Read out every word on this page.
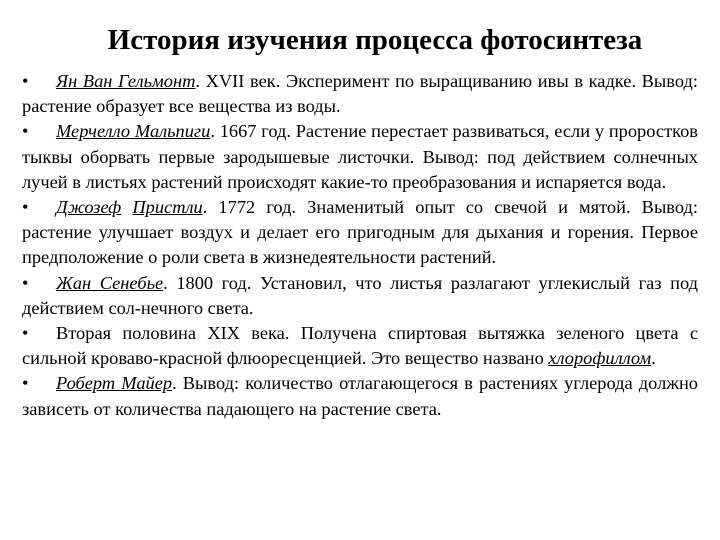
История изучения процесса фотосинтеза

• Ян Ван Гельмонт. XVII век. Эксперимент по выращиванию ивы в кадке. Вывод: растение образует все вещества из воды.

• Мерчелло Мальпиги. 1667 год. Растение перестает развиваться, если у проростков тыквы оборвать первые зародышевые листочки. Вывод: под действием солнечных лучей в листьях растений происходят какие-то преобразования и испаряется вода.

• Джозеф Пристли. 1772 год. Знаменитый опыт со свечой и мятой. Вывод: растение улучшает воздух и делает его пригодным для дыхания и горения. Первое предположение о роли света в жизнедеятельности растений.

• Жан Сенебье. 1800 год. Установил, что листья разлагают углекислый газ под действием сол-нечного света.

• Вторая половина XIX века. Получена спиртовая вытяжка зеленого цвета с сильной кроваво-красной флюоресценцией. Это вещество названо хлорофиллом.

• Роберт Майер. Вывод: количество отлагающегося в растениях углерода должно зависеть от количества падающего на растение света.
